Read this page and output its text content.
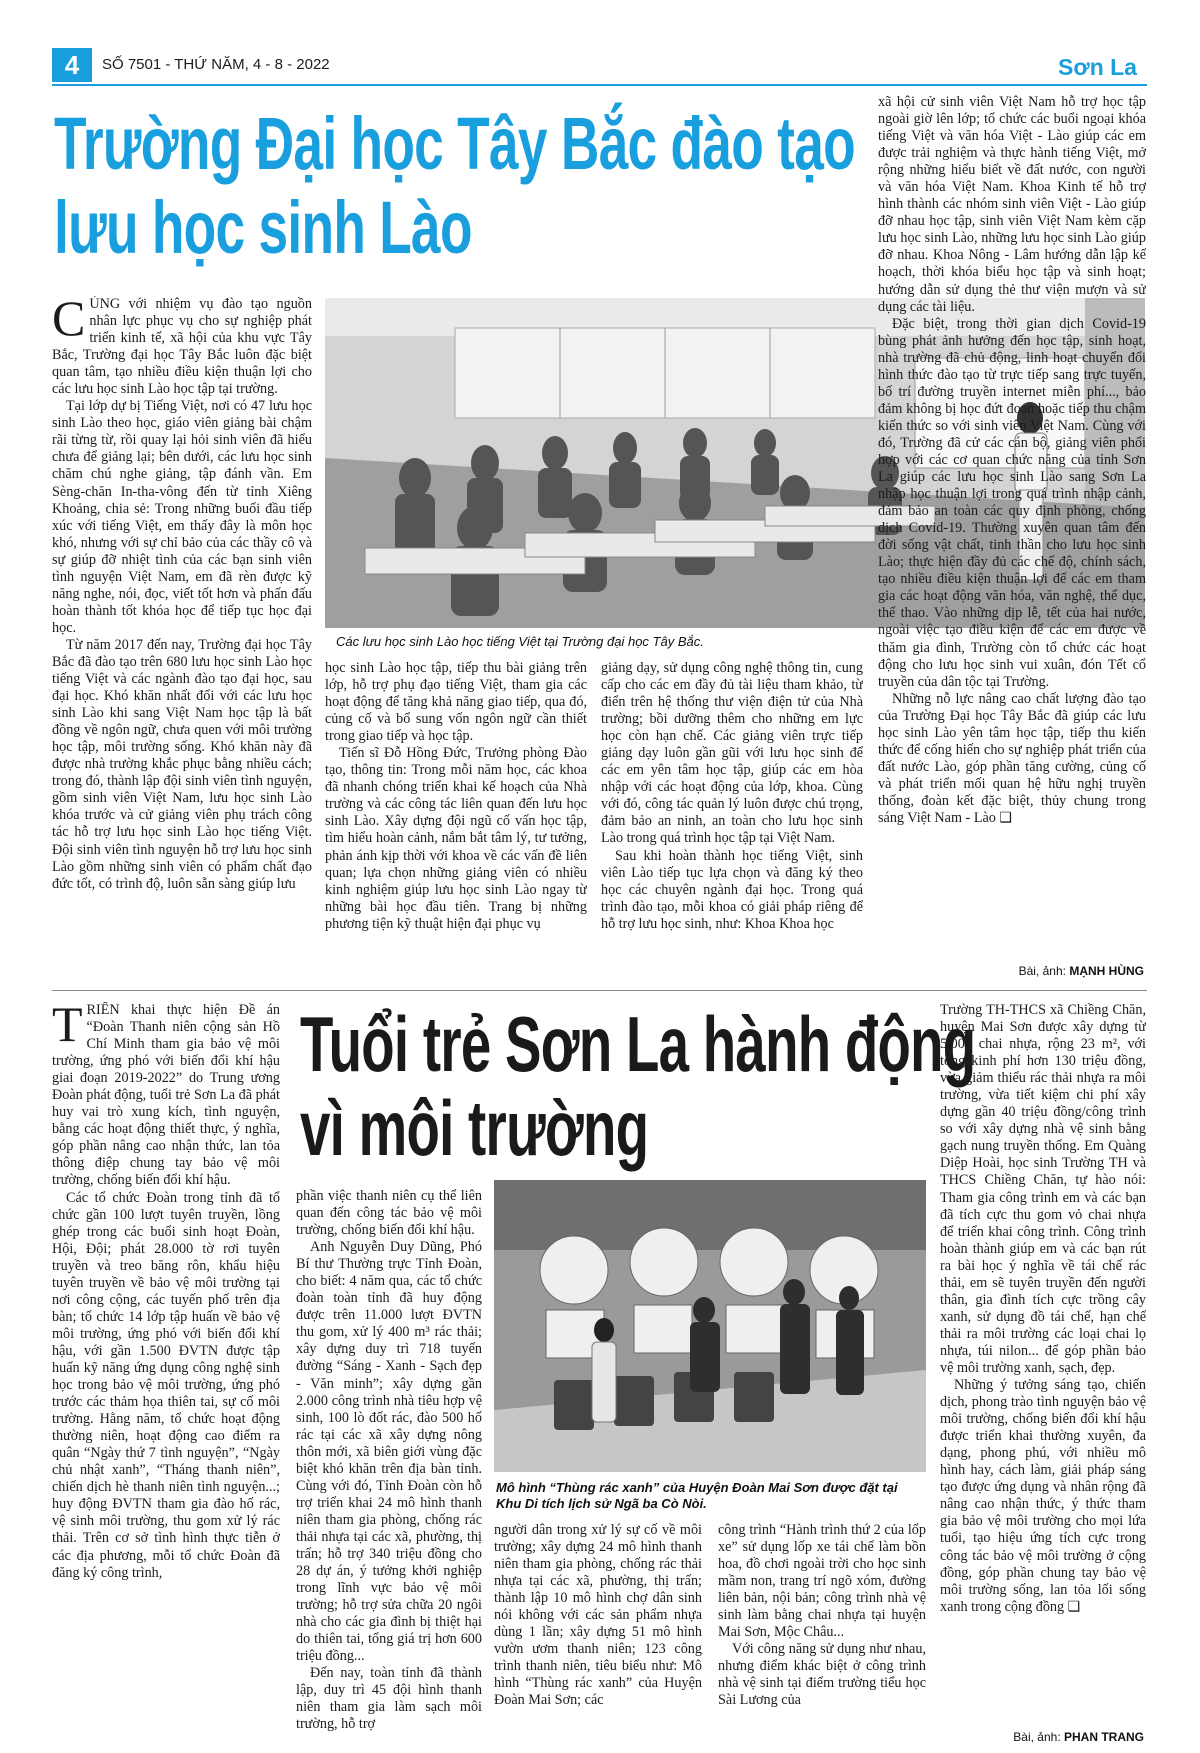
4	SỐ 7501 - THỨ NĂM, 4 - 8 - 2022	Sơn La
Trường Đại học Tây Bắc đào tạo
lưu học sinh Lào

CÙNG với nhiệm vụ đào tạo nguồn nhân lực phục vụ cho sự nghiệp phát triển kinh tế, xã hội của khu vực Tây Bắc, Trường đại học Tây Bắc luôn đặc biệt quan tâm, tạo nhiều điều kiện thuận lợi cho các lưu học sinh Lào học tập tại trường.

Tại lớp dự bị Tiếng Việt, nơi có 47 lưu học sinh Lào theo học, giáo viên giảng bài chậm rãi từng từ, rồi quay lại hỏi sinh viên đã hiểu chưa để giảng lại; bên dưới, các lưu học sinh chăm chú nghe giảng, tập đánh vần. Em Sèng-chăn In-tha-vông đến từ tỉnh Xiêng Khoảng, chia sẻ: Trong những buổi đầu tiếp xúc với tiếng Việt, em thấy đây là môn học khó, nhưng với sự chỉ bảo của các thầy cô và sự giúp đỡ nhiệt tình của các bạn sinh viên tình nguyện Việt Nam, em đã rèn được kỹ năng nghe, nói, đọc, viết tốt hơn và phấn đấu hoàn thành tốt khóa học để tiếp tục học đại học.

Từ năm 2017 đến nay, Trường đại học Tây Bắc đã đào tạo trên 680 lưu học sinh Lào học tiếng Việt và các ngành đào tạo đại học, sau đại học. Khó khăn nhất đối với các lưu học sinh Lào khi sang Việt Nam học tập là bất đồng về ngôn ngữ, chưa quen với môi trường học tập, môi trường sống. Khó khăn này đã được nhà trường khắc phục bằng nhiều cách; trong đó, thành lập đội sinh viên tình nguyện, gồm sinh viên Việt Nam, lưu học sinh Lào khóa trước và cử giảng viên phụ trách công tác hỗ trợ lưu học sinh Lào học tiếng Việt. Đội sinh viên tình nguyện hỗ trợ lưu học sinh Lào gồm những sinh viên có phẩm chất đạo đức tốt, có trình độ, luôn sẵn sàng giúp lưu

Các lưu học sinh Lào học tiếng Việt tại Trường đại học Tây Bắc.

học sinh Lào học tập, tiếp thu bài giảng trên lớp, hỗ trợ phụ đạo tiếng Việt, tham gia các hoạt động để tăng khả năng giao tiếp, qua đó, củng cố và bổ sung vốn ngôn ngữ cần thiết trong giao tiếp và học tập.

Tiến sĩ Đỗ Hồng Đức, Trưởng phòng Đào tạo, thông tin: Trong mỗi năm học, các khoa đã nhanh chóng triển khai kế hoạch của Nhà trường và các công tác liên quan đến lưu học sinh Lào. Xây dựng đội ngũ cố vấn học tập, tìm hiểu hoàn cảnh, nắm bắt tâm lý, tư tưởng, phản ánh kịp thời với khoa về các vấn đề liên quan; lựa chọn những giảng viên có nhiều kinh nghiệm giúp lưu học sinh Lào ngay từ những bài học đầu tiên. Trang bị những phương tiện kỹ thuật hiện đại phục vụ

giảng dạy, sử dụng công nghệ thông tin, cung cấp cho các em đầy đủ tài liệu tham khảo, từ điển trên hệ thống thư viện điện tử của Nhà trường; bồi dưỡng thêm cho những em lực học còn hạn chế. Các giảng viên trực tiếp giảng dạy luôn gần gũi với lưu học sinh để các em yên tâm học tập, giúp các em hòa nhập với các hoạt động của lớp, khoa. Cùng với đó, công tác quản lý luôn được chú trọng, đảm bảo an ninh, an toàn cho lưu học sinh Lào trong quá trình học tập tại Việt Nam.

Sau khi hoàn thành học tiếng Việt, sinh viên Lào tiếp tục lựa chọn và đăng ký theo học các chuyên ngành đại học. Trong quá trình đào tạo, mỗi khoa có giải pháp riêng để hỗ trợ lưu học sinh, như: Khoa Khoa học

xã hội cử sinh viên Việt Nam hỗ trợ học tập ngoài giờ lên lớp; tổ chức các buổi ngoại khóa tiếng Việt và văn hóa Việt - Lào giúp các em được trải nghiệm và thực hành tiếng Việt, mở rộng những hiểu biết về đất nước, con người và văn hóa Việt Nam. Khoa Kinh tế hỗ trợ hình thành các nhóm sinh viên Việt - Lào giúp đỡ nhau học tập, sinh viên Việt Nam kèm cặp lưu học sinh Lào, những lưu học sinh Lào giúp đỡ nhau. Khoa Nông - Lâm hướng dẫn lập kế hoạch, thời khóa biểu học tập và sinh hoạt; hướng dẫn sử dụng thẻ thư viện mượn và sử dụng các tài liệu.

Đặc biệt, trong thời gian dịch Covid-19 bùng phát ảnh hưởng đến học tập, sinh hoạt, nhà trường đã chủ động, linh hoạt chuyển đổi hình thức đào tạo từ trực tiếp sang trực tuyến, bố trí đường truyền internet miễn phí..., bảo đảm không bị học đứt đoạn hoặc tiếp thu chậm kiến thức so với sinh viên Việt Nam. Cùng với đó, Trường đã cử các cán bộ, giảng viên phối hợp với các cơ quan chức năng của tỉnh Sơn La giúp các lưu học sinh Lào sang Sơn La nhập học thuận lợi trong quá trình nhập cảnh, đảm bảo an toàn các quy định phòng, chống dịch Covid-19. Thường xuyên quan tâm đến đời sống vật chất, tinh thần cho lưu học sinh Lào; thực hiện đầy đủ các chế độ, chính sách, tạo nhiều điều kiện thuận lợi để các em tham gia các hoạt động văn hóa, văn nghệ, thể dục, thể thao. Vào những dịp lễ, tết của hai nước, ngoài việc tạo điều kiện để các em được về thăm gia đình, Trường còn tổ chức các hoạt động cho lưu học sinh vui xuân, đón Tết cổ truyền của dân tộc tại Trường.

Những nỗ lực nâng cao chất lượng đào tạo của Trường Đại học Tây Bắc đã giúp các lưu học sinh Lào yên tâm học tập, tiếp thu kiến thức để cống hiến cho sự nghiệp phát triển của đất nước Lào, góp phần tăng cường, củng cố và phát triển mối quan hệ hữu nghị truyền thống, đoàn kết đặc biệt, thủy chung trong sáng Việt Nam - Lào ❑

Bài, ảnh: MẠNH HÙNG

TRIỂN khai thực hiện Đề án “Đoàn Thanh niên cộng sản Hồ Chí Minh tham gia bảo vệ môi trường, ứng phó với biến đổi khí hậu giai đoạn 2019-2022” do Trung ương Đoàn phát động, tuổi trẻ Sơn La đã phát huy vai trò xung kích, tình nguyện, bằng các hoạt động thiết thực, ý nghĩa, góp phần nâng cao nhận thức, lan tỏa thông điệp chung tay bảo vệ môi trường, chống biến đổi khí hậu.

Các tổ chức Đoàn trong tỉnh đã tổ chức gần 100 lượt tuyên truyền, lồng ghép trong các buổi sinh hoạt Đoàn, Hội, Đội; phát 28.000 tờ rơi tuyên truyền và treo băng rôn, khẩu hiệu tuyên truyền về bảo vệ môi trường tại nơi công cộng, các tuyến phố trên địa bàn; tổ chức 14 lớp tập huấn về bảo vệ môi trường, ứng phó với biến đổi khí hậu, với gần 1.500 ĐVTN được tập huấn kỹ năng ứng dụng công nghệ sinh học trong bảo vệ môi trường, ứng phó trước các thảm họa thiên tai, sự cố môi trường. Hằng năm, tổ chức hoạt động thường niên, hoạt động cao điểm ra quân “Ngày thứ 7 tình nguyện”, “Ngày chủ nhật xanh”, “Tháng thanh niên”, chiến dịch hè thanh niên tình nguyện...; huy động ĐVTN tham gia đào hố rác, vệ sinh môi trường, thu gom xử lý rác thải. Trên cơ sở tình hình thực tiễn ở các địa phương, mỗi tổ chức Đoàn đã đăng ký công trình,

Tuổi trẻ Sơn La hành động
vì môi trường

phần việc thanh niên cụ thể liên quan đến công tác bảo vệ môi trường, chống biến đổi khí hậu.

Anh Nguyễn Duy Dũng, Phó Bí thư Thường trực Tỉnh Đoàn, cho biết: 4 năm qua, các tổ chức đoàn toàn tỉnh đã huy động được trên 11.000 lượt ĐVTN thu gom, xử lý 400 m³ rác thải; xây dựng duy trì 718 tuyến đường “Sáng - Xanh - Sạch đẹp - Văn minh”; xây dựng gần 2.000 công trình nhà tiêu hợp vệ sinh, 100 lò đốt rác, đào 500 hố rác tại các xã xây dựng nông thôn mới, xã biên giới vùng đặc biệt khó khăn trên địa bàn tỉnh. Cùng với đó, Tỉnh Đoàn còn hỗ trợ triển khai 24 mô hình thanh niên tham gia phòng, chống rác thải nhựa tại các xã, phường, thị trấn; hỗ trợ 340 triệu đồng cho 28 dự án, ý tưởng khởi nghiệp trong lĩnh vực bảo vệ môi trường; hỗ trợ sửa chữa 20 ngôi nhà cho các gia đình bị thiệt hại do thiên tai, tổng giá trị hơn 600 triệu đồng...

Đến nay, toàn tỉnh đã thành lập, duy trì 45 đội hình thanh niên tham gia làm sạch môi trường, hỗ trợ

Mô hình “Thùng rác xanh” của Huyện Đoàn Mai Sơn được đặt tại Khu Di tích lịch sử Ngã ba Cò Nòi.

người dân trong xử lý sự cố về môi trường; xây dựng 24 mô hình thanh niên tham gia phòng, chống rác thải nhựa tại các xã, phường, thị trấn; thành lập 10 mô hình chợ dân sinh nói không với các sản phẩm nhựa dùng 1 lần; xây dựng 51 mô hình vườn ươm thanh niên; 123 công trình thanh niên, tiêu biểu như: Mô hình “Thùng rác xanh” của Huyện Đoàn Mai Sơn; các

công trình “Hành trình thứ 2 của lốp xe” sử dụng lốp xe tái chế làm bồn hoa, đồ chơi ngoài trời cho học sinh mầm non, trang trí ngõ xóm, đường liên bản, nội bản; công trình nhà vệ sinh làm bằng chai nhựa tại huyện Mai Sơn, Mộc Châu...

Với công năng sử dụng như nhau, nhưng điểm khác biệt ở công trình nhà vệ sinh tại điểm trường tiểu học Sài Lương của

Trường TH-THCS xã Chiềng Chăn, huyện Mai Sơn được xây dựng từ 5.000 chai nhựa, rộng 23 m², với tổng kinh phí hơn 130 triệu đồng, vừa giảm thiểu rác thải nhựa ra môi trường, vừa tiết kiệm chi phí xây dựng gần 40 triệu đồng/công trình so với xây dựng nhà vệ sinh bằng gạch nung truyền thống. Em Quàng Diệp Hoài, học sinh Trường TH và THCS Chiềng Chăn, tự hào nói: Tham gia công trình em và các bạn đã tích cực thu gom vỏ chai nhựa để triển khai công trình. Công trình hoàn thành giúp em và các bạn rút ra bài học ý nghĩa về tái chế rác thải, em sẽ tuyên truyền đến người thân, gia đình tích cực trồng cây xanh, sử dụng đồ tái chế, hạn chế thải ra môi trường các loại chai lọ nhựa, túi nilon... để góp phần bảo vệ môi trường xanh, sạch, đẹp.

Những ý tưởng sáng tạo, chiến dịch, phong trào tình nguyện bảo vệ môi trường, chống biến đổi khí hậu được triển khai thường xuyên, đa dạng, phong phú, với nhiều mô hình hay, cách làm, giải pháp sáng tạo được ứng dụng và nhân rộng đã nâng cao nhận thức, ý thức tham gia bảo vệ môi trường cho mọi lứa tuổi, tạo hiệu ứng tích cực trong công tác bảo vệ môi trường ở cộng đồng, góp phần chung tay bảo vệ môi trường sống, lan tỏa lối sống xanh trong cộng đồng ❑

Bài, ảnh: PHAN TRANG
